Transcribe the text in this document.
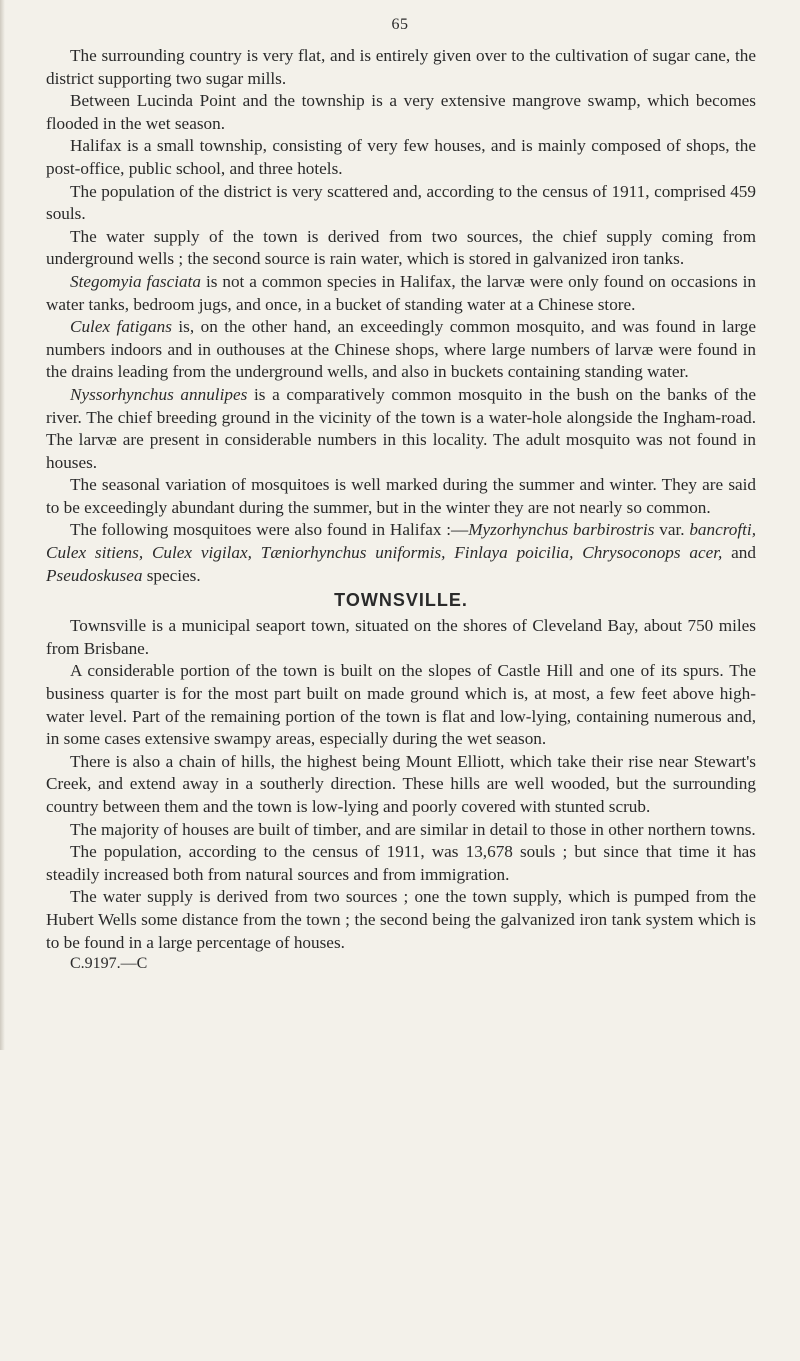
65

The surrounding country is very flat, and is entirely given over to the cultivation of sugar cane, the district supporting two sugar mills.

Between Lucinda Point and the township is a very extensive mangrove swamp, which becomes flooded in the wet season.

Halifax is a small township, consisting of very few houses, and is mainly composed of shops, the post-office, public school, and three hotels.

The population of the district is very scattered and, according to the census of 1911, comprised 459 souls.

The water supply of the town is derived from two sources, the chief supply coming from underground wells ; the second source is rain water, which is stored in galvanized iron tanks.

Stegomyia fasciata is not a common species in Halifax, the larvæ were only found on occasions in water tanks, bedroom jugs, and once, in a bucket of standing water at a Chinese store.

Culex fatigans is, on the other hand, an exceedingly common mosquito, and was found in large numbers indoors and in outhouses at the Chinese shops, where large numbers of larvæ were found in the drains leading from the underground wells, and also in buckets containing standing water.

Nyssorhynchus annulipes is a comparatively common mosquito in the bush on the banks of the river. The chief breeding ground in the vicinity of the town is a water-hole alongside the Ingham-road. The larvæ are present in considerable numbers in this locality. The adult mosquito was not found in houses.

The seasonal variation of mosquitoes is well marked during the summer and winter. They are said to be exceedingly abundant during the summer, but in the winter they are not nearly so common.

The following mosquitoes were also found in Halifax :—Myzorhynchus barbirostris var. bancrofti, Culex sitiens, Culex vigilax, Tæniorhynchus uniformis, Finlaya poicilia, Chrysoconops acer, and Pseudoskusea species.

TOWNSVILLE.

Townsville is a municipal seaport town, situated on the shores of Cleveland Bay, about 750 miles from Brisbane.

A considerable portion of the town is built on the slopes of Castle Hill and one of its spurs. The business quarter is for the most part built on made ground which is, at most, a few feet above high-water level. Part of the remaining portion of the town is flat and low-lying, containing numerous and, in some cases extensive swampy areas, especially during the wet season.

There is also a chain of hills, the highest being Mount Elliott, which take their rise near Stewart's Creek, and extend away in a southerly direction. These hills are well wooded, but the surrounding country between them and the town is low-lying and poorly covered with stunted scrub.

The majority of houses are built of timber, and are similar in detail to those in other northern towns.

The population, according to the census of 1911, was 13,678 souls ; but since that time it has steadily increased both from natural sources and from immigration.

The water supply is derived from two sources ; one the town supply, which is pumped from the Hubert Wells some distance from the town ; the second being the galvanized iron tank system which is to be found in a large percentage of houses.

C.9197.—C
